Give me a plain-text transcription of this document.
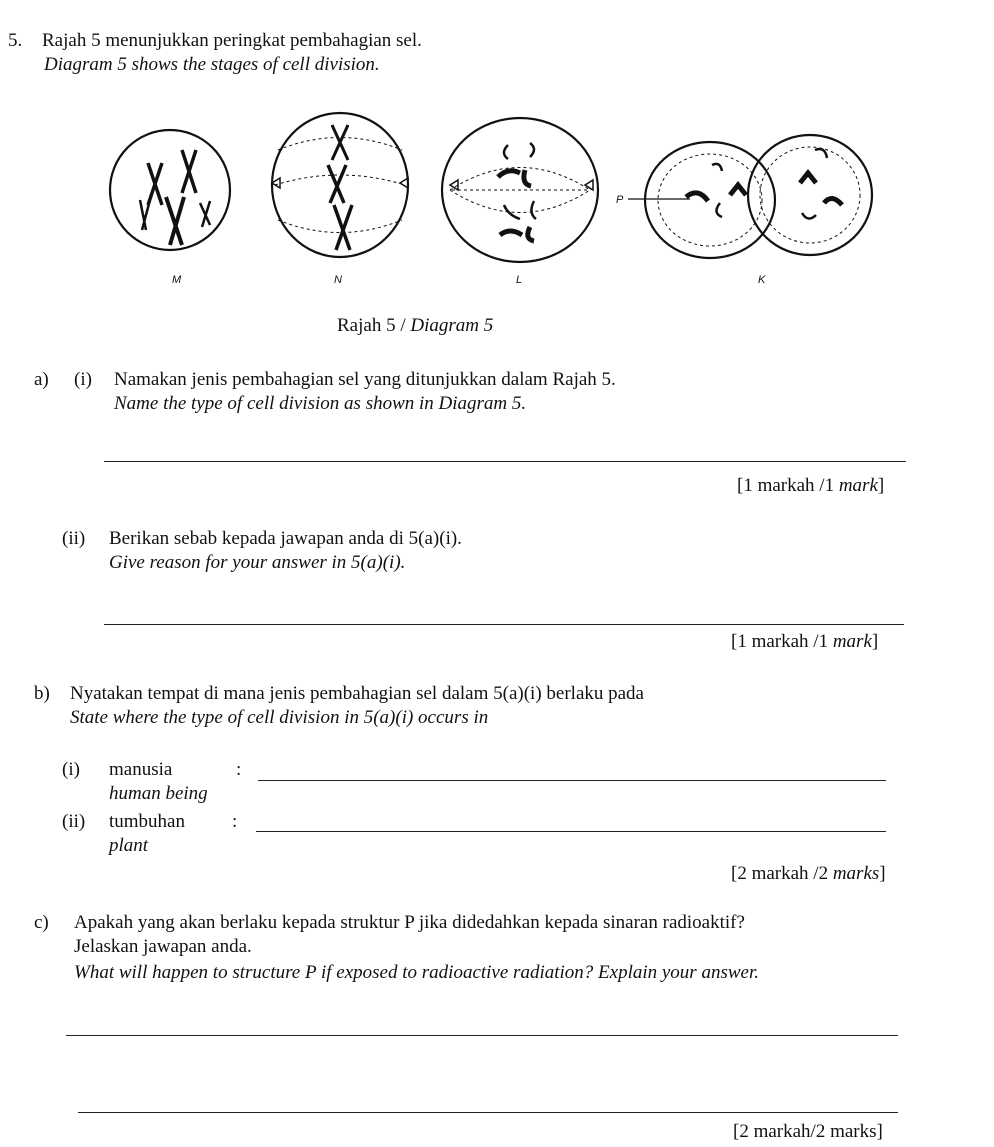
5. Rajah 5 menunjukkan peringkat pembahagian sel.
Diagram 5 shows the stages of cell division.
M	N	L	K
P
Rajah 5 / Diagram 5
a) (i) Namakan jenis pembahagian sel yang ditunjukkan dalam Rajah 5.
Name the type of cell division as shown in Diagram 5.
[1 markah /1 mark]
(ii) Berikan sebab kepada jawapan anda di 5(a)(i).
Give reason for your answer in 5(a)(i).
[1 markah /1 mark]
b) Nyatakan tempat di mana jenis pembahagian sel dalam 5(a)(i) berlaku pada
State where the type of cell division in 5(a)(i) occurs in
(i) manusia	:
human being
(ii) tumbuhan :
plant
[2 markah /2 marks]
c) Apakah yang akan berlaku kepada struktur P jika didedahkan kepada sinaran radioaktif?
Jelaskan jawapan anda.
What will happen to structure P if exposed to radioactive radiation? Explain your answer.
[2 markah/2 marks]
